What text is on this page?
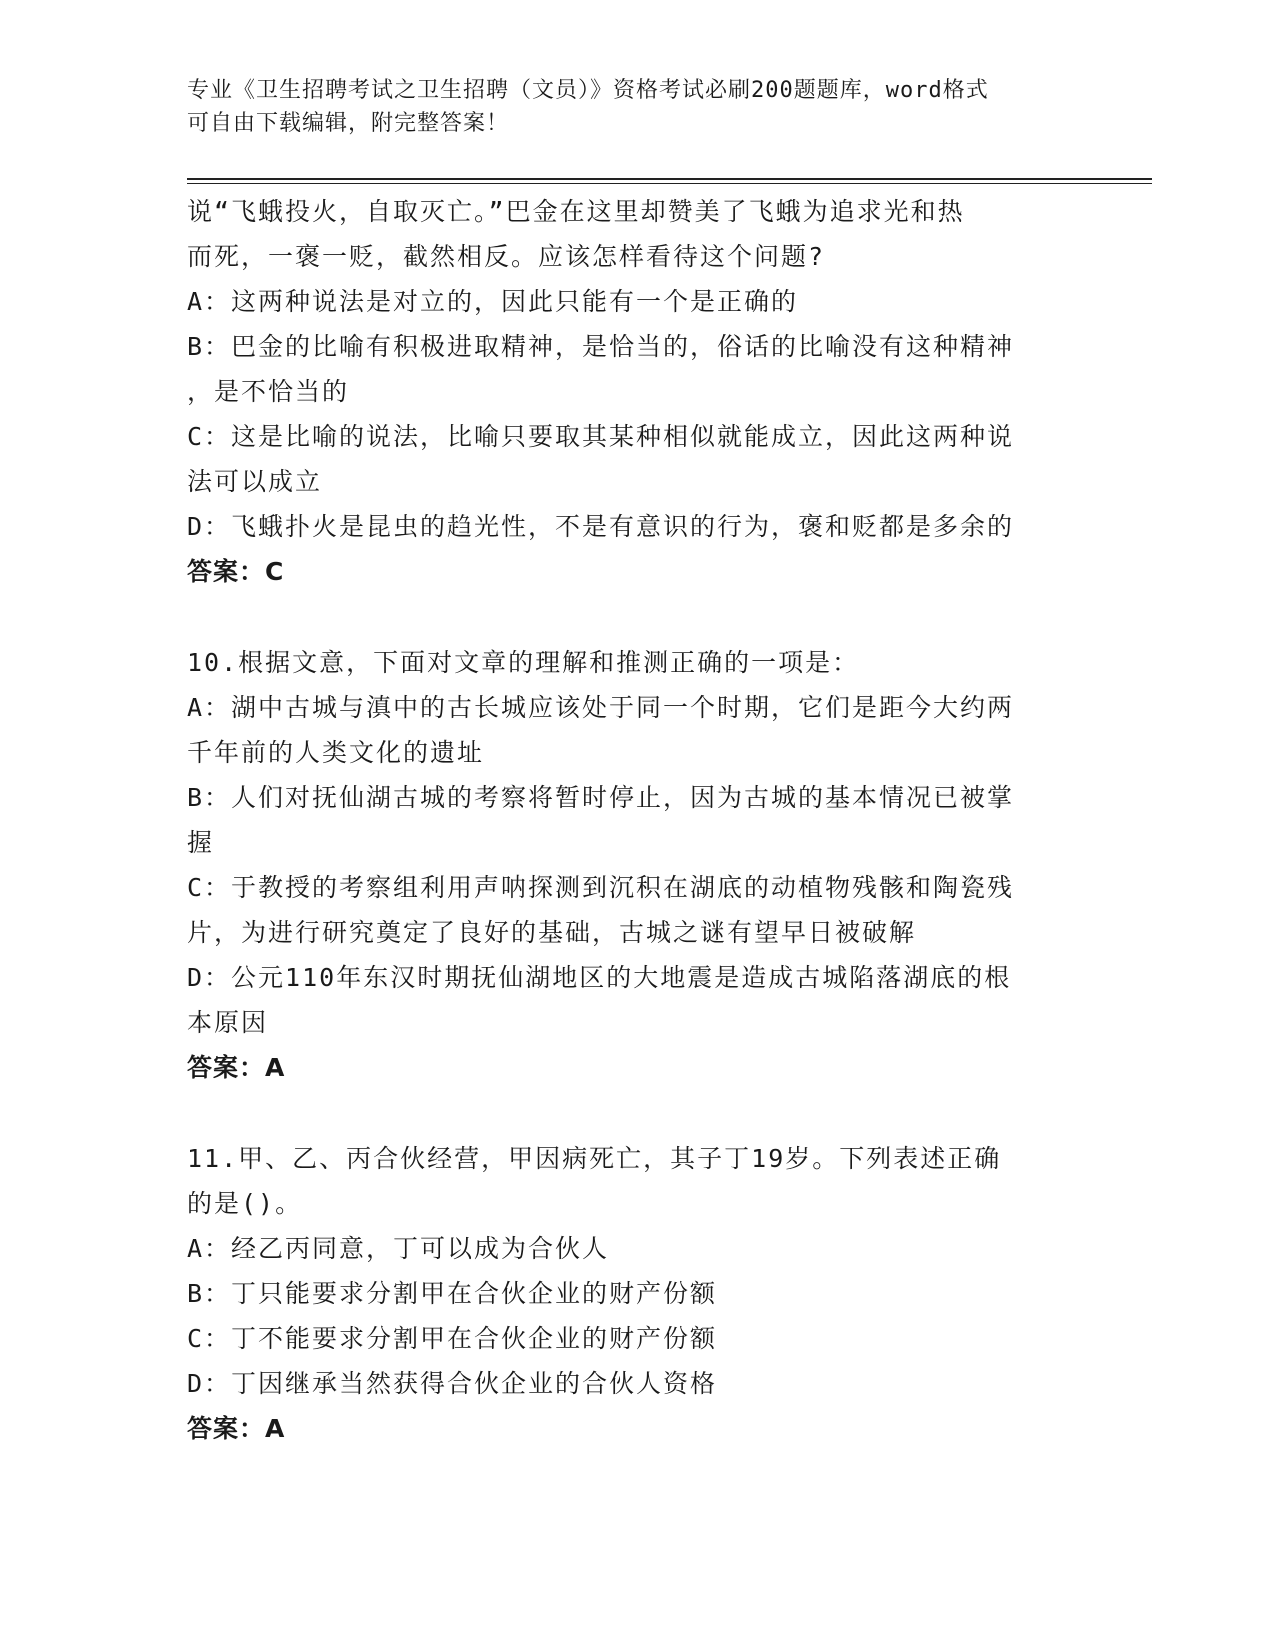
专业《卫生招聘考试之卫生招聘（文员）》资格考试必刷200题题库，word格式
可自由下载编辑，附完整答案！
说“飞蛾投火，自取灭亡。”巴金在这里却赞美了飞蛾为追求光和热
而死，一褒一贬，截然相反。应该怎样看待这个问题?
A：这两种说法是对立的，因此只能有一个是正确的
B：巴金的比喻有积极进取精神，是恰当的，俗话的比喻没有这种精神
，是不恰当的
C：这是比喻的说法，比喻只要取其某种相似就能成立，因此这两种说
法可以成立
D：飞蛾扑火是昆虫的趋光性，不是有意识的行为，褒和贬都是多余的
答案：C
10.根据文意，下面对文章的理解和推测正确的一项是：
A：湖中古城与滇中的古长城应该处于同一个时期，它们是距今大约两
千年前的人类文化的遗址
B：人们对抚仙湖古城的考察将暂时停止，因为古城的基本情况已被掌
握
C：于教授的考察组利用声呐探测到沉积在湖底的动植物残骸和陶瓷残
片，为进行研究奠定了良好的基础，古城之谜有望早日被破解
D：公元110年东汉时期抚仙湖地区的大地震是造成古城陷落湖底的根
本原因
答案：A
11.甲、乙、丙合伙经营，甲因病死亡，其子丁19岁。下列表述正确
的是()。
A：经乙丙同意，丁可以成为合伙人
B：丁只能要求分割甲在合伙企业的财产份额
C：丁不能要求分割甲在合伙企业的财产份额
D：丁因继承当然获得合伙企业的合伙人资格
答案：A
